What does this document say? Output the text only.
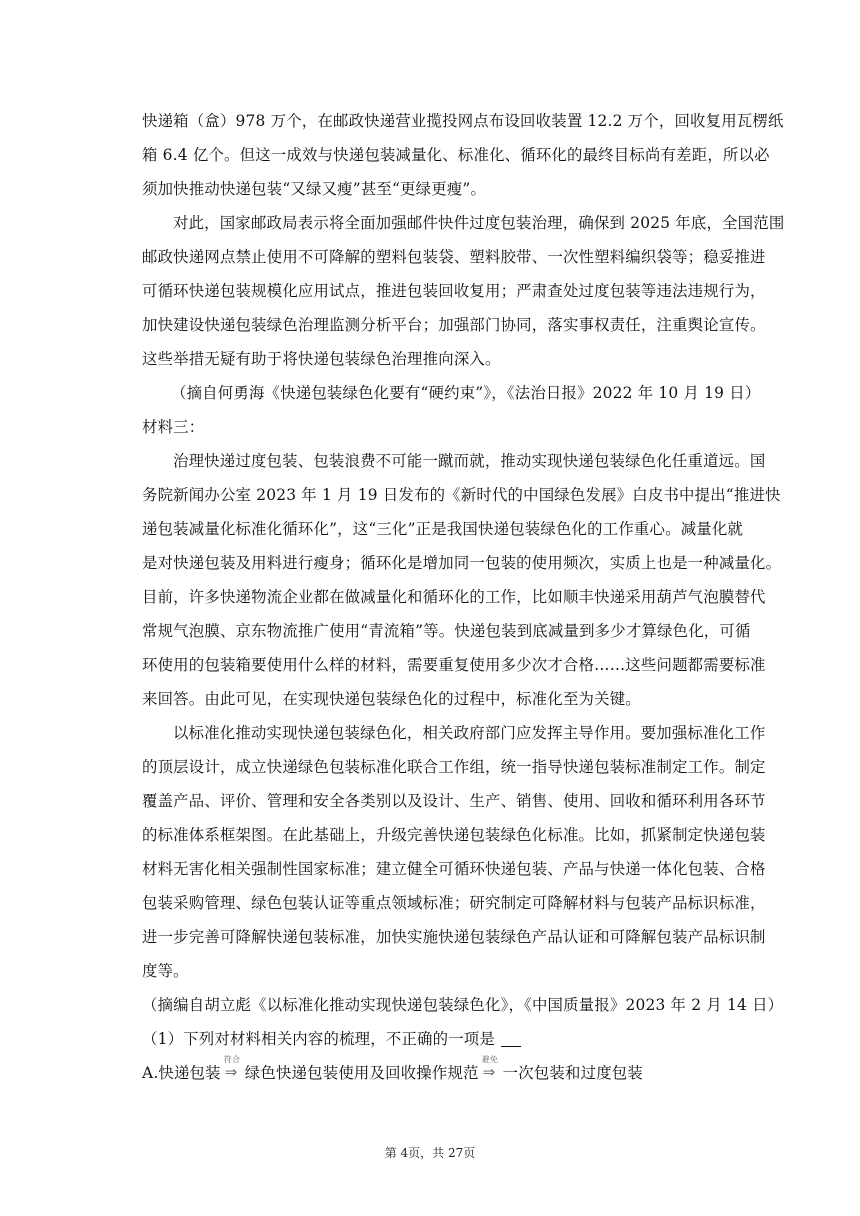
快递箱（盒）978 万个，在邮政快递营业揽投网点布设回收装置 12.2 万个，回收复用瓦楞纸
箱 6.4 亿个。但这一成效与快递包装减量化、标准化、循环化的最终目标尚有差距，所以必
须加快推动快递包装“又绿又瘦”甚至“更绿更瘦”。
对此，国家邮政局表示将全面加强邮件快件过度包装治理，确保到 2025 年底，全国范围
邮政快递网点禁止使用不可降解的塑料包装袋、塑料胶带、一次性塑料编织袋等；稳妥推进
可循环快递包装规模化应用试点，推进包装回收复用；严肃查处过度包装等违法违规行为，
加快建设快递包装绿色治理监测分析平台；加强部门协同，落实事权责任，注重舆论宣传。
这些举措无疑有助于将快递包装绿色治理推向深入。
（摘自何勇海《快递包装绿色化要有“硬约束”》，《法治日报》2022 年 10 月 19 日）
材料三：
治理快递过度包装、包装浪费不可能一蹴而就，推动实现快递包装绿色化任重道远。国
务院新闻办公室 2023 年 1 月 19 日发布的《新时代的中国绿色发展》白皮书中提出“推进快
递包装减量化标准化循环化”，这“三化”正是我国快递包装绿色化的工作重心。减量化就
是对快递包装及用料进行瘦身；循环化是增加同一包装的使用频次，实质上也是一种减量化。
目前，许多快递物流企业都在做减量化和循环化的工作，比如顺丰快递采用葫芦气泡膜替代
常规气泡膜、京东物流推广使用“青流箱”等。快递包装到底减量到多少才算绿色化，可循
环使用的包装箱要使用什么样的材料，需要重复使用多少次才合格……这些问题都需要标准
来回答。由此可见，在实现快递包装绿色化的过程中，标准化至为关键。
以标准化推动实现快递包装绿色化，相关政府部门应发挥主导作用。要加强标准化工作
的顶层设计，成立快递绿色包装标准化联合工作组，统一指导快递包装标准制定工作。制定
覆盖产品、评价、管理和安全各类别以及设计、生产、销售、使用、回收和循环利用各环节
的标准体系框架图。在此基础上，升级完善快递包装绿色化标准。比如，抓紧制定快递包装
材料无害化相关强制性国家标准；建立健全可循环快递包装、产品与快递一体化包装、合格
包装采购管理、绿色包装认证等重点领域标准；研究制定可降解材料与包装产品标识标准，
进一步完善可降解快递包装标准，加快实施快递包装绿色产品认证和可降解包装产品标识制
度等。
（摘编自胡立彪《以标准化推动实现快递包装绿色化》，《中国质量报》2023 年 2 月 14 日）
（1）下列对材料相关内容的梳理，不正确的一项是
A.快递包装
符合
⇒ 绿色快递包装使用及回收操作规范
避免
⇒ 一次包装和过度包装
第 4页，共 27页
